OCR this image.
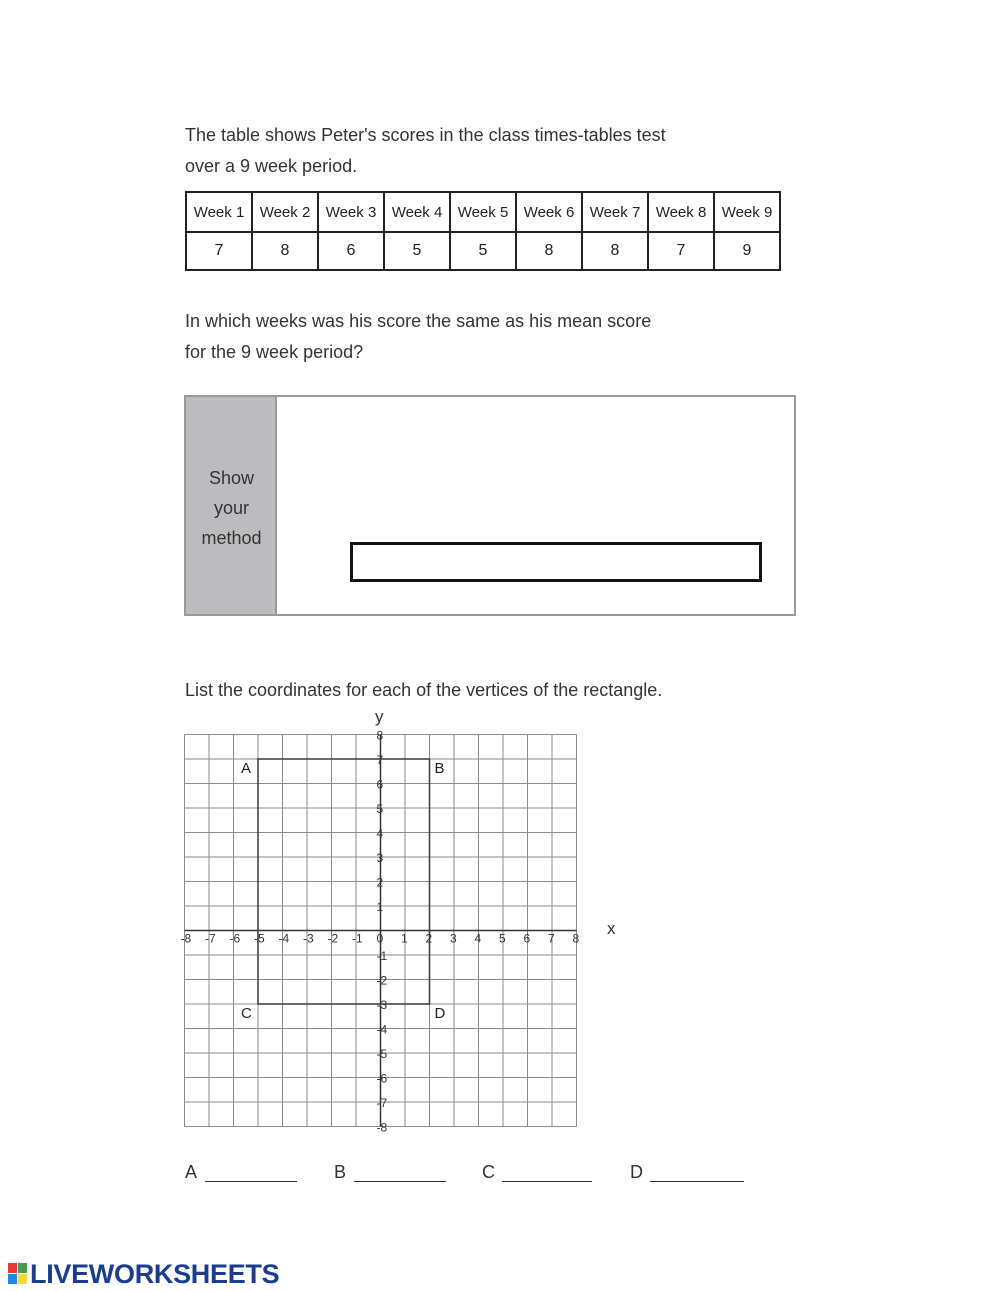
The table shows Peter's scores in the class times-tables test

over a 9 week period.

Week 1	Week 2	Week 3	Week 4	Week 5	Week 6	Week 7	Week 8	Week 9
7	8	6	5	5	8	8	7	9

In which weeks was his score the same as his mean score

for the 9 week period?

Show
your
method

List the coordinates for each of the vertices of the rectangle.

-8 -7 -6 -5 -4 -3 -2 -1 0 1 2 3 4 5 6 7 8
8
7
6
5
4
3
2
1
-1
-2
-3
-4
-5
-6
-7
-8
A	B
C	D
x
y
A	B	C	D
LIVEWORKSHEETS
